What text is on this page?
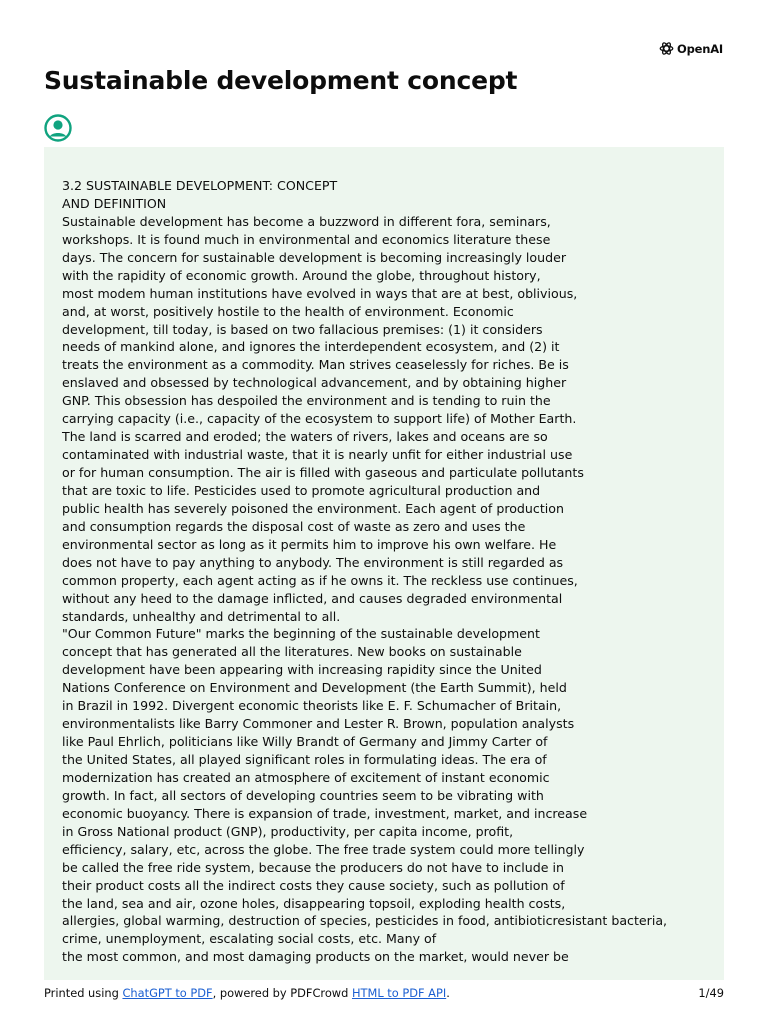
OpenAI
Sustainable development concept
3.2 SUSTAINABLE DEVELOPMENT: CONCEPT
AND DEFINITION
Sustainable development has become a buzzword in different fora, seminars,
workshops. It is found much in environmental and economics literature these
days. The concern for sustainable development is becoming increasingly louder
with the rapidity of economic growth. Around the globe, throughout history,
most modem human institutions have evolved in ways that are at best, oblivious,
and, at worst, positively hostile to the health of environment. Economic
development, till today, is based on two fallacious premises: (1) it considers
needs of mankind alone, and ignores the interdependent ecosystem, and (2) it
treats the environment as a commodity. Man strives ceaselessly for riches. Be is
enslaved and obsessed by technological advancement, and by obtaining higher
GNP. This obsession has despoiled the environment and is tending to ruin the
carrying capacity (i.e., capacity of the ecosystem to support life) of Mother Earth.
The land is scarred and eroded; the waters of rivers, lakes and oceans are so
contaminated with industrial waste, that it is nearly unfit for either industrial use
or for human consumption. The air is filled with gaseous and particulate pollutants
that are toxic to life. Pesticides used to promote agricultural production and
public health has severely poisoned the environment. Each agent of production
and consumption regards the disposal cost of waste as zero and uses the
environmental sector as long as it permits him to improve his own welfare. He
does not have to pay anything to anybody. The environment is still regarded as
common property, each agent acting as if he owns it. The reckless use continues,
without any heed to the damage inflicted, and causes degraded environmental
standards, unhealthy and detrimental to all.
"Our Common Future" marks the beginning of the sustainable development
concept that has generated all the literatures. New books on sustainable
development have been appearing with increasing rapidity since the United
Nations Conference on Environment and Development (the Earth Summit), held
in Brazil in 1992. Divergent economic theorists like E. F. Schumacher of Britain,
environmentalists like Barry Commoner and Lester R. Brown, population analysts
like Paul Ehrlich, politicians like Willy Brandt of Germany and Jimmy Carter of
the United States, all played significant roles in formulating ideas. The era of
modernization has created an atmosphere of excitement of instant economic
growth. In fact, all sectors of developing countries seem to be vibrating with
economic buoyancy. There is expansion of trade, investment, market, and increase
in Gross National product (GNP), productivity, per capita income, profit,
efficiency, salary, etc, across the globe. The free trade system could more tellingly
be called the free ride system, because the producers do not have to include in
their product costs all the indirect costs they cause society, such as pollution of
the land, sea and air, ozone holes, disappearing topsoil, exploding health costs,
allergies, global warming, destruction of species, pesticides in food, antibioticresistant bacteria,
crime, unemployment, escalating social costs, etc. Many of
the most common, and most damaging products on the market, would never be
Printed using ChatGPT to PDF, powered by PDFCrowd HTML to PDF API.	1/49
